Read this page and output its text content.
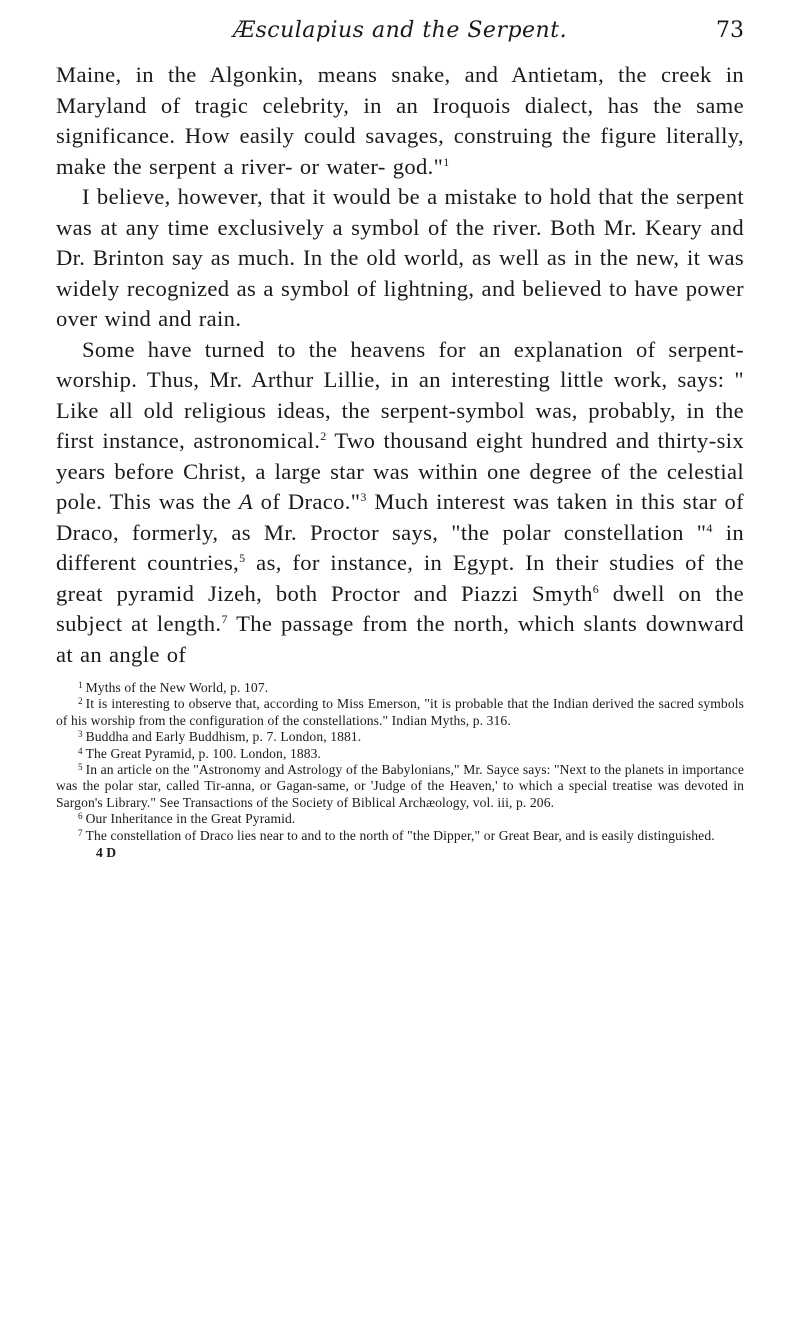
Æsculapius and the Serpent.	73

Maine, in the Algonkin, means snake, and Antietam, the creek in Maryland of tragic celebrity, in an Iroquois dialect, has the same significance. How easily could savages, construing the figure literally, make the serpent a river- or water- god."$^1$

I believe, however, that it would be a mistake to hold that the serpent was at any time exclusively a symbol of the river. Both Mr. Keary and Dr. Brinton say as much. In the old world, as well as in the new, it was widely recognized as a symbol of lightning, and believed to have power over wind and rain.

Some have turned to the heavens for an explanation of serpent-worship. Thus, Mr. Arthur Lillie, in an interesting little work, says: " Like all old religious ideas, the serpent-symbol was, probably, in the first instance, astronomical.$^2$ Two thousand eight hundred and thirty-six years before Christ, a large star was within one degree of the celestial pole. This was the A of Draco."$^3$ Much interest was taken in this star of Draco, formerly, as Mr. Proctor says, "the polar constellation "$^4$ in different countries,$^5$ as, for instance, in Egypt. In their studies of the great pyramid Jizeh, both Proctor and Piazzi Smyth$^6$ dwell on the subject at length.$^7$ The passage from the north, which slants downward at an angle of

$^1$ Myths of the New World, p. 107.

$^2$ It is interesting to observe that, according to Miss Emerson, "it is probable that the Indian derived the sacred symbols of his worship from the configuration of the constellations." Indian Myths, p. 316.

$^3$ Buddha and Early Buddhism, p. 7. London, 1881.

$^4$ The Great Pyramid, p. 100. London, 1883.

$^5$ In an article on the "Astronomy and Astrology of the Babylonians," Mr. Sayce says: "Next to the planets in importance was the polar star, called Tir-anna, or Gagan-same, or 'Judge of the Heaven,' to which a special treatise was devoted in Sargon's Library." See Transactions of the Society of Biblical Archæology, vol. iii, p. 206.

$^6$ Our Inheritance in the Great Pyramid.

$^7$ The constellation of Draco lies near to and to the north of "the Dipper," or Great Bear, and is easily distinguished.

4 D
